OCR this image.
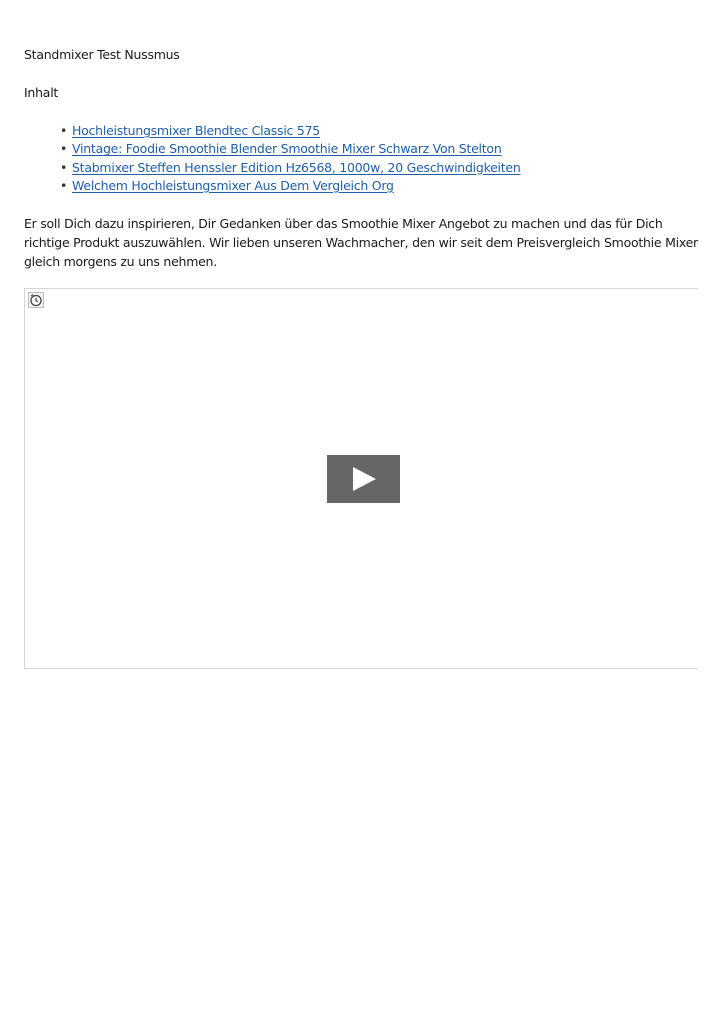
Standmixer Test Nussmus

Inhalt

• Hochleistungsmixer Blendtec Classic 575
• Vintage: Foodie Smoothie Blender Smoothie Mixer Schwarz Von Stelton
• Stabmixer Steffen Henssler Edition Hz6568, 1000w, 20 Geschwindigkeiten
• Welchem Hochleistungsmixer Aus Dem Vergleich Org

Er soll Dich dazu inspirieren, Dir Gedanken über das Smoothie Mixer Angebot zu machen und das für Dich richtige Produkt auszuwählen. Wir lieben unseren Wachmacher, den wir seit dem Preisvergleich Smoothie Mixer gleich morgens zu uns nehmen.
